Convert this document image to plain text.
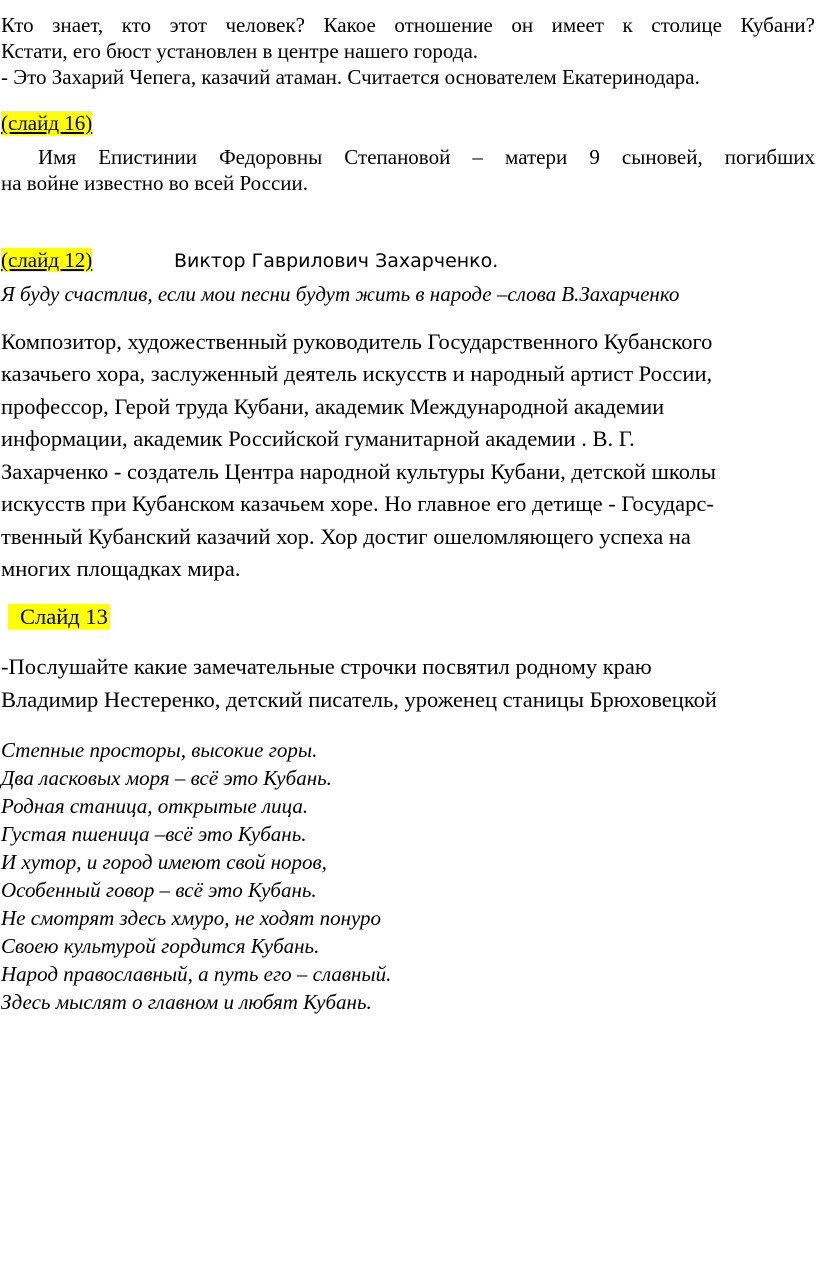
Кто знает, кто этот человек? Какое отношение он имеет к столице Кубани?
Кстати, его бюст установлен в центре нашего города.
- Это Захарий Чепега, казачий атаман. Считается основателем Екатеринодара.
(слайд 16)
Имя Епистинии Федоровны Степановой – матери 9 сыновей, погибших
на войне известно во всей России.
(слайд 12)	Виктор Гаврилович Захарченко.
Я буду счастлив, если мои песни будут жить в народе –слова В.Захарченко
Композитор, художественный руководитель Государственного Кубанского
казачьего хора, заслуженный деятель искусств и народный артист России,
профессор, Герой труда Кубани, академик Международной академии
информации, академик Российской гуманитарной академии . В. Г.
Захарченко - создатель Центра народной культуры Кубани, детской школы
искусств при Кубанском казачьем хоре. Но главное его детище - Государс-
твенный Кубанский казачий хор. Хор достиг ошеломляющего успеха на
многих площадках мира.
Слайд 13
-Послушайте какие замечательные строчки посвятил родному краю
Владимир Нестеренко, детский писатель, уроженец станицы Брюховецкой
Степные просторы, высокие горы.
Два ласковых моря – всё это Кубань.
Родная станица, открытые лица.
Густая пшеница –всё это Кубань.
И хутор, и город имеют свой норов,
Особенный говор – всё это Кубань.
Не смотрят здесь хмуро, не ходят понуро
Своею культурой гордится Кубань.
Народ православный, а путь его – славный.
Здесь мыслят о главном и любят Кубань.
